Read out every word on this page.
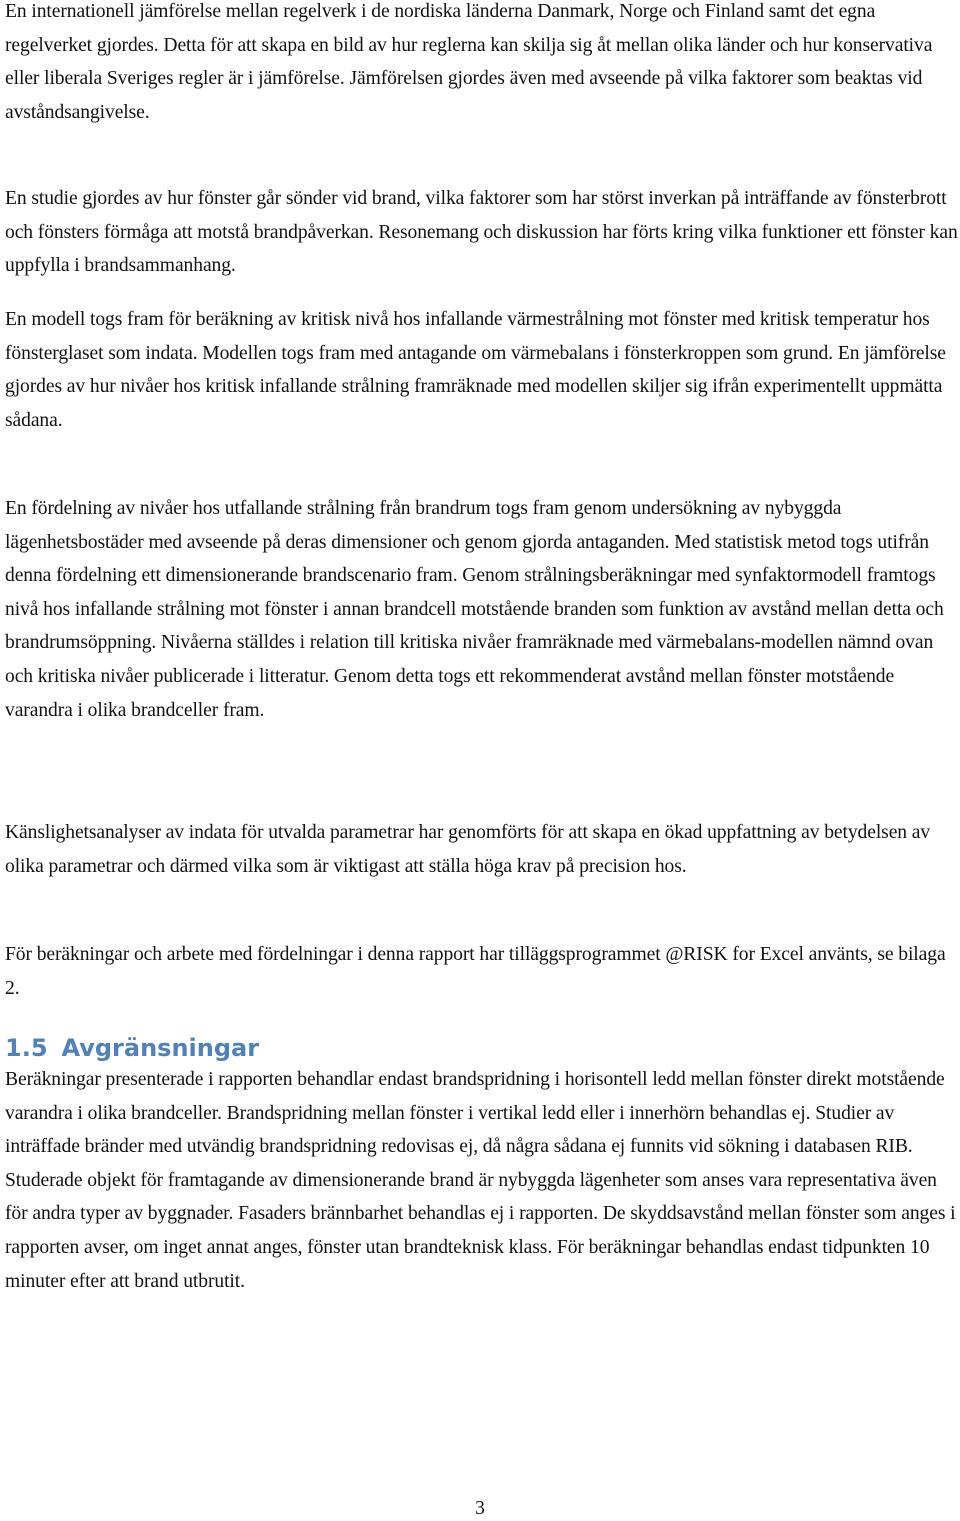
En internationell jämförelse mellan regelverk i de nordiska länderna Danmark, Norge och Finland samt det egna regelverket gjordes. Detta för att skapa en bild av hur reglerna kan skilja sig åt mellan olika länder och hur konservativa eller liberala Sveriges regler är i jämförelse. Jämförelsen gjordes även med avseende på vilka faktorer som beaktas vid avståndsangivelse.

En studie gjordes av hur fönster går sönder vid brand, vilka faktorer som har störst inverkan på inträffande av fönsterbrott och fönsters förmåga att motstå brandpåverkan. Resonemang och diskussion har förts kring vilka funktioner ett fönster kan uppfylla i brandsammanhang.

En modell togs fram för beräkning av kritisk nivå hos infallande värmestrålning mot fönster med kritisk temperatur hos fönsterglaset som indata. Modellen togs fram med antagande om värmebalans i fönsterkroppen som grund. En jämförelse gjordes av hur nivåer hos kritisk infallande strålning framräknade med modellen skiljer sig ifrån experimentellt uppmätta sådana.

En fördelning av nivåer hos utfallande strålning från brandrum togs fram genom undersökning av nybyggda lägenhetsbostäder med avseende på deras dimensioner och genom gjorda antaganden. Med statistisk metod togs utifrån denna fördelning ett dimensionerande brandscenario fram. Genom strålningsberäkningar med synfaktormodell framtogs nivå hos infallande strålning mot fönster i annan brandcell motstående branden som funktion av avstånd mellan detta och brandrumsöppning. Nivåerna ställdes i relation till kritiska nivåer framräknade med värmebalans-modellen nämnd ovan och kritiska nivåer publicerade i litteratur. Genom detta togs ett rekommenderat avstånd mellan fönster motstående varandra i olika brandceller fram.

Känslighetsanalyser av indata för utvalda parametrar har genomförts för att skapa en ökad uppfattning av betydelsen av olika parametrar och därmed vilka som är viktigast att ställa höga krav på precision hos.

För beräkningar och arbete med fördelningar i denna rapport har tilläggsprogrammet @RISK for Excel använts, se bilaga 2.

1.5 Avgränsningar

Beräkningar presenterade i rapporten behandlar endast brandspridning i horisontell ledd mellan fönster direkt motstående varandra i olika brandceller. Brandspridning mellan fönster i vertikal ledd eller i innerhörn behandlas ej. Studier av inträffade bränder med utvändig brandspridning redovisas ej, då några sådana ej funnits vid sökning i databasen RIB. Studerade objekt för framtagande av dimensionerande brand är nybyggda lägenheter som anses vara representativa även för andra typer av byggnader. Fasaders brännbarhet behandlas ej i rapporten. De skyddsavstånd mellan fönster som anges i rapporten avser, om inget annat anges, fönster utan brandteknisk klass. För beräkningar behandlas endast tidpunkten 10 minuter efter att brand utbrutit.

3
